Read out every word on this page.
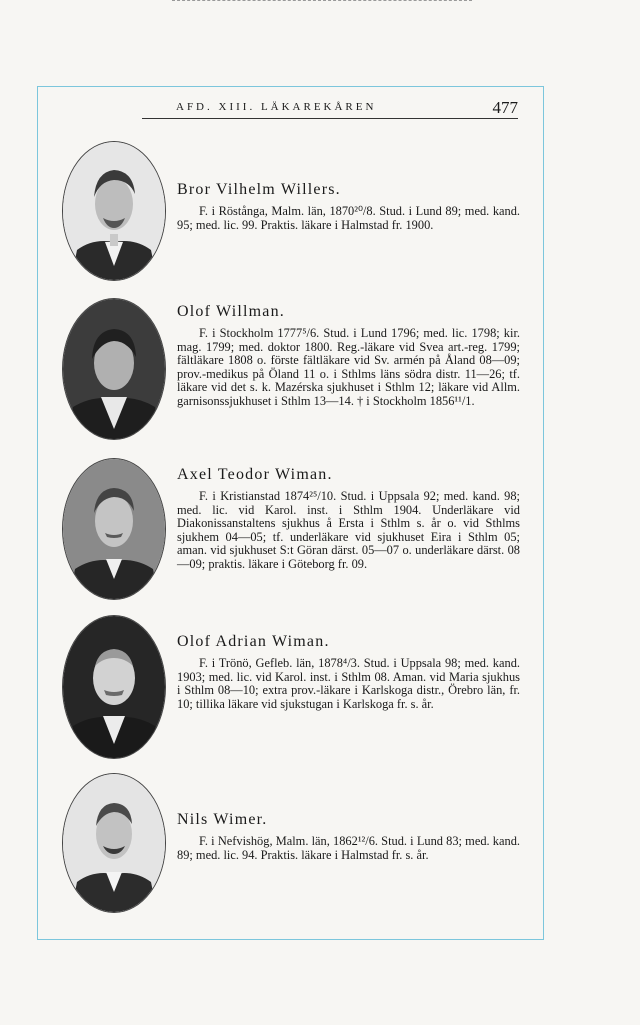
AFD. XIII. LÄKAREKÅREN	477

Bror Vilhelm Willers.

F. i Röstånga, Malm. län, 1870²⁰/8. Stud. i Lund 89; med. kand. 95; med. lic. 99. Praktis. läkare i Halmstad fr. 1900.

Olof Willman.

F. i Stockholm 1777⁵/6. Stud. i Lund 1796; med. lic. 1798; kir. mag. 1799; med. doktor 1800. Reg.-läkare vid Svea art.-reg. 1799; fältläkare 1808 o. förste fältläkare vid Sv. armén på Åland 08—09; prov.-medikus på Öland 11 o. i Sthlms läns södra distr. 11—26; tf. läkare vid det s. k. Mazérska sjukhuset i Sthlm 12; läkare vid Allm. garnisonssjukhuset i Sthlm 13—14. † i Stockholm 1856¹¹/1.

Axel Teodor Wiman.

F. i Kristianstad 1874²⁵/10. Stud. i Uppsala 92; med. kand. 98; med. lic. vid Karol. inst. i Sthlm 1904. Underläkare vid Diakonissanstaltens sjukhus å Ersta i Sthlm s. år o. vid Sthlms sjukhem 04—05; tf. underläkare vid sjukhuset Eira i Sthlm 05; aman. vid sjukhuset S:t Göran därst. 05—07 o. underläkare därst. 08—09; praktis. läkare i Göteborg fr. 09.

Olof Adrian Wiman.

F. i Trönö, Gefleb. län, 1878⁴/3. Stud. i Uppsala 98; med. kand. 1903; med. lic. vid Karol. inst. i Sthlm 08. Aman. vid Maria sjukhus i Sthlm 08—10; extra prov.-läkare i Karlskoga distr., Örebro län, fr. 10; tillika läkare vid sjukstugan i Karlskoga fr. s. år.

Nils Wimer.

F. i Nefvishög, Malm. län, 1862¹²/6. Stud. i Lund 83; med. kand. 89; med. lic. 94. Praktis. läkare i Halmstad fr. s. år.
